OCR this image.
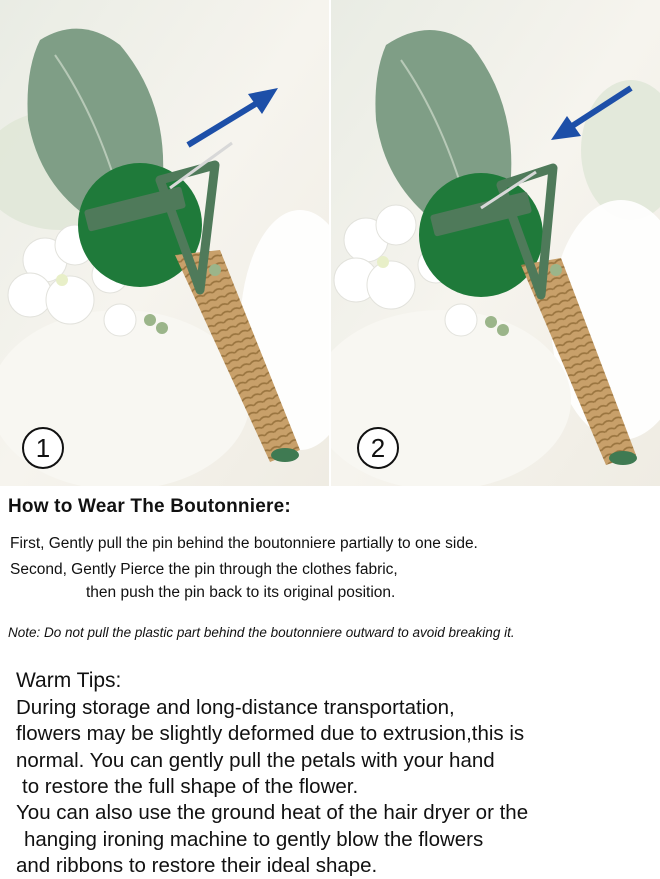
1	2

How to Wear The Boutonniere:

First, Gently pull the pin behind the boutonniere partially to one side.

Second, Gently Pierce the pin through the clothes fabric,

then push the pin back to its original position.

Note: Do not pull the plastic part behind the boutonniere outward to avoid breaking it.

Warm Tips:

During storage and long-distance transportation,

flowers may be slightly deformed due to extrusion,this is

normal. You can gently pull the petals with your hand

to restore the full shape of the flower.

You can also use the ground heat of the hair dryer or the

hanging ironing machine to gently blow the flowers

and ribbons to restore their ideal shape.
